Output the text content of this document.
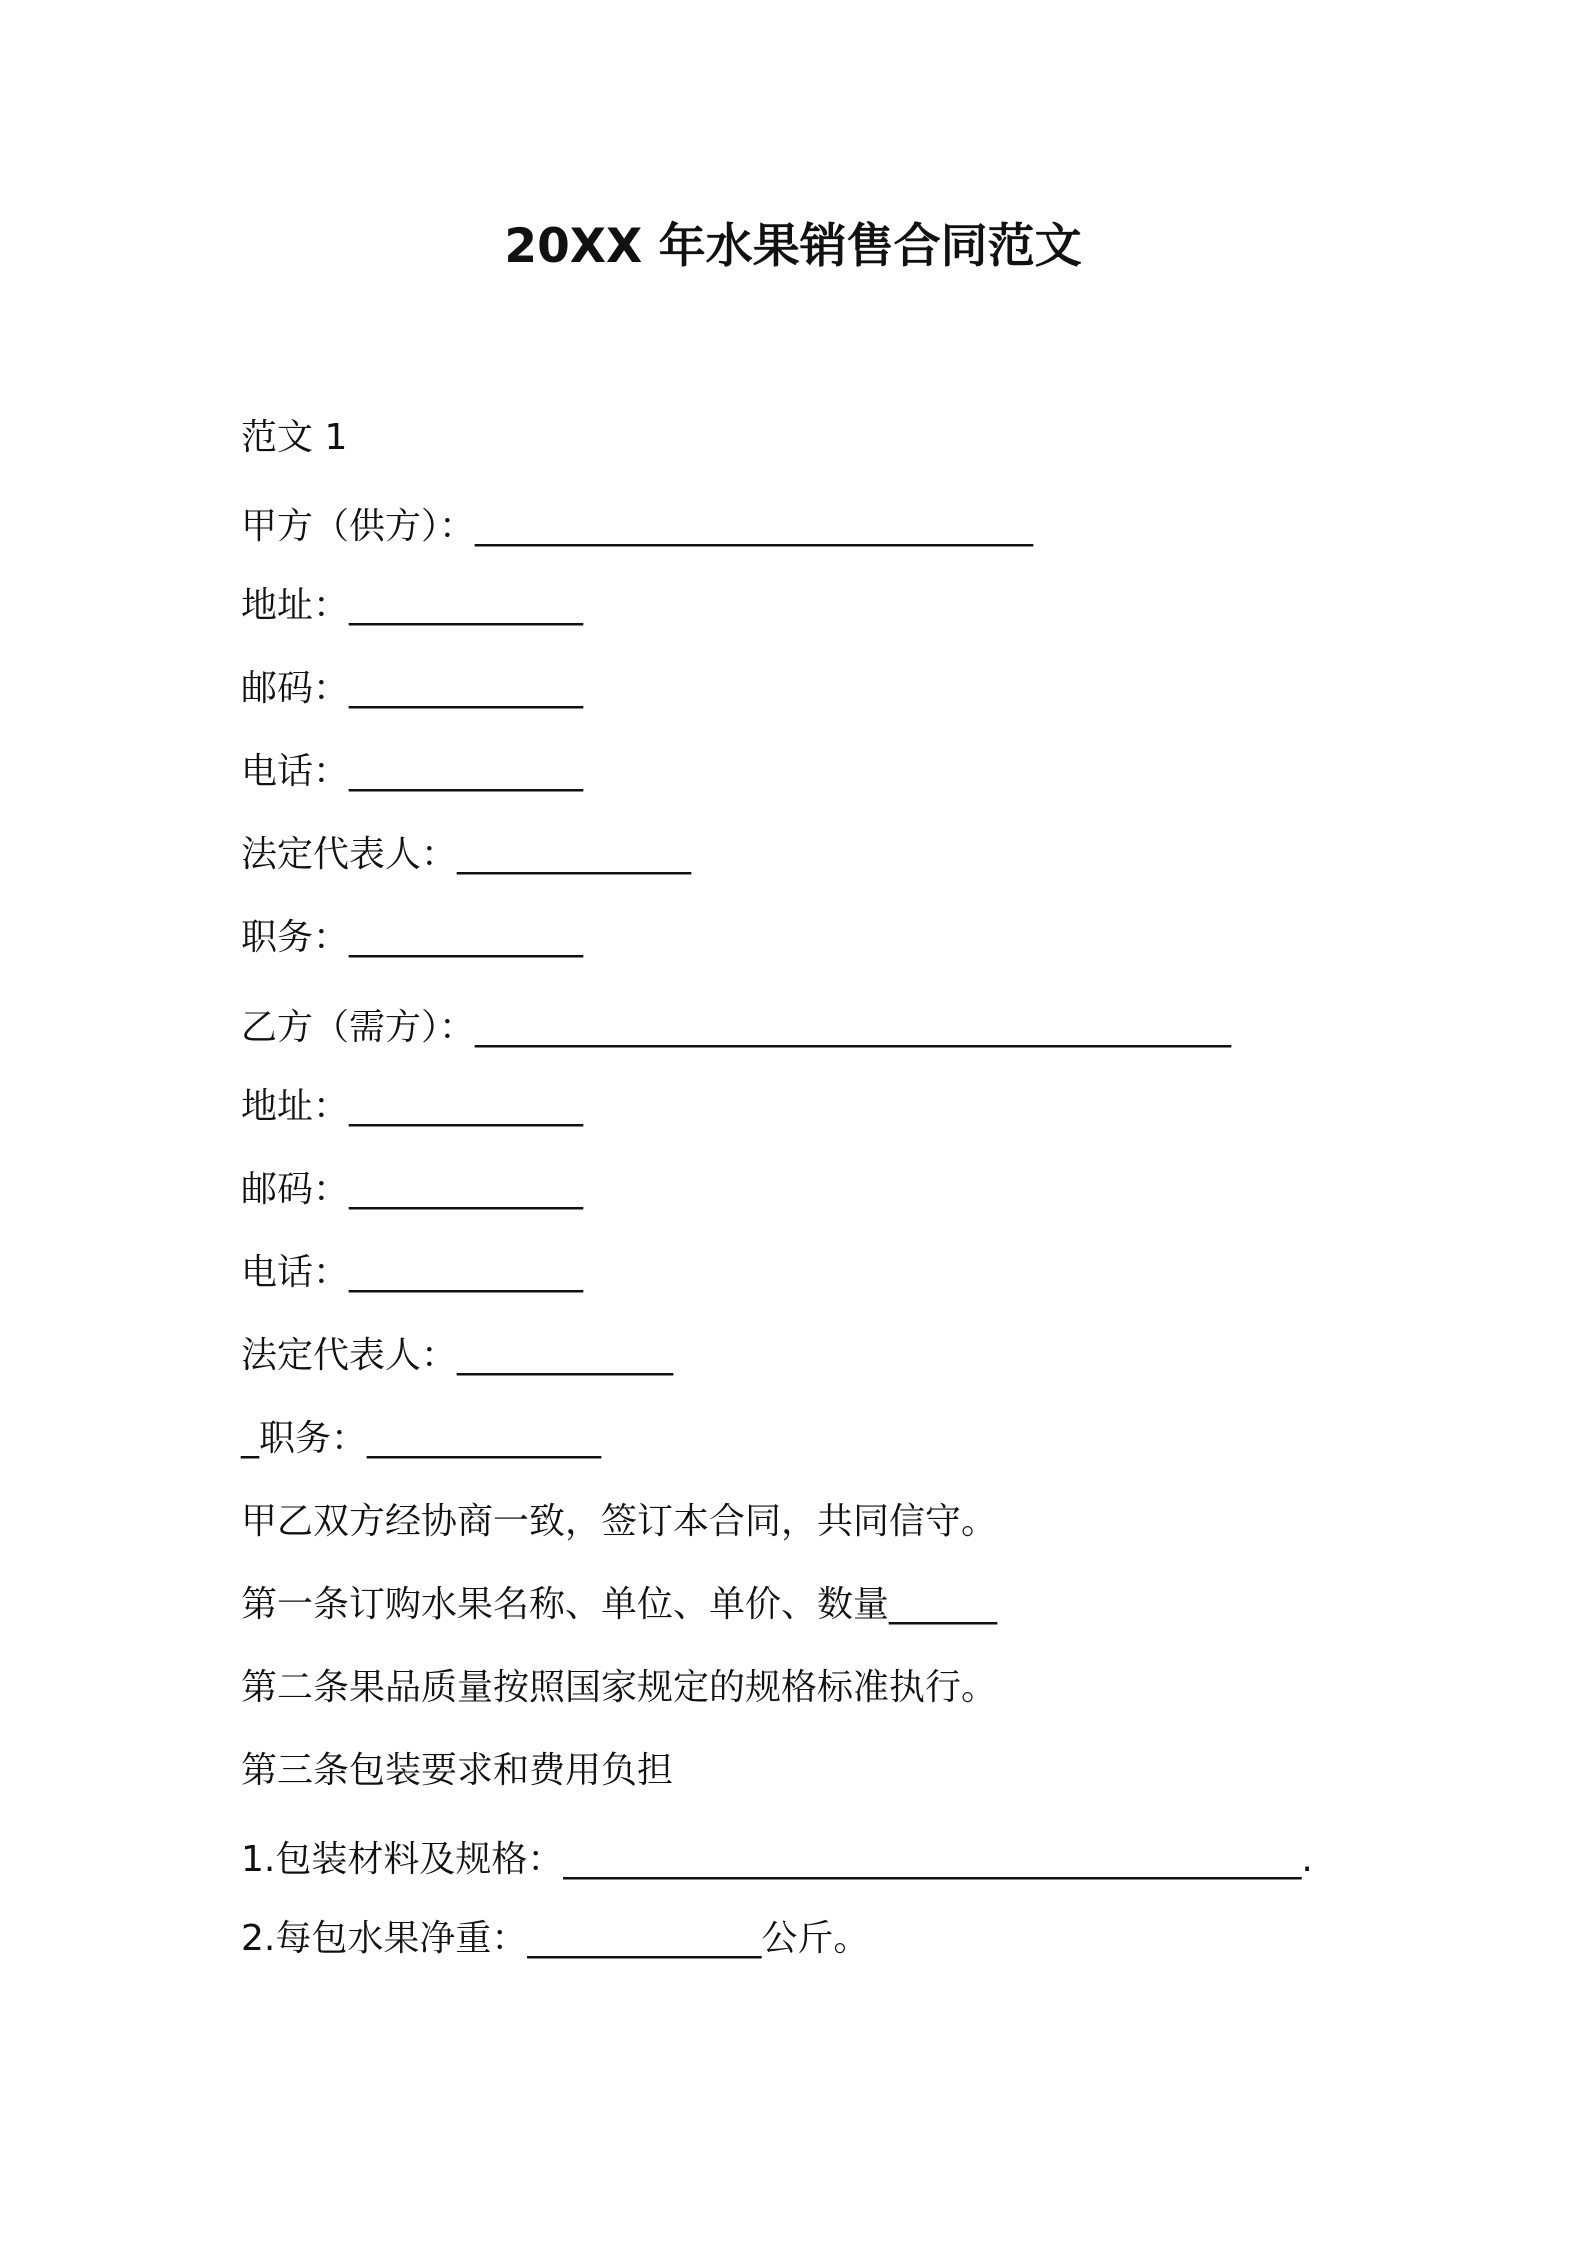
20XX 年水果销售合同范文

范文 1

甲方（供方）：_______________________________

地址：_____________

邮码：_____________

电话：_____________

法定代表人：_____________

职务：_____________

乙方（需方）：__________________________________________

地址：_____________

邮码：_____________

电话：_____________

法定代表人：____________

_职务：_____________

甲乙双方经协商一致，签订本合同，共同信守。

第一条订购水果名称、单位、单价、数量______

第二条果品质量按照国家规定的规格标准执行。

第三条包装要求和费用负担

1.包装材料及规格：_________________________________________.

2.每包水果净重：_____________公斤。
